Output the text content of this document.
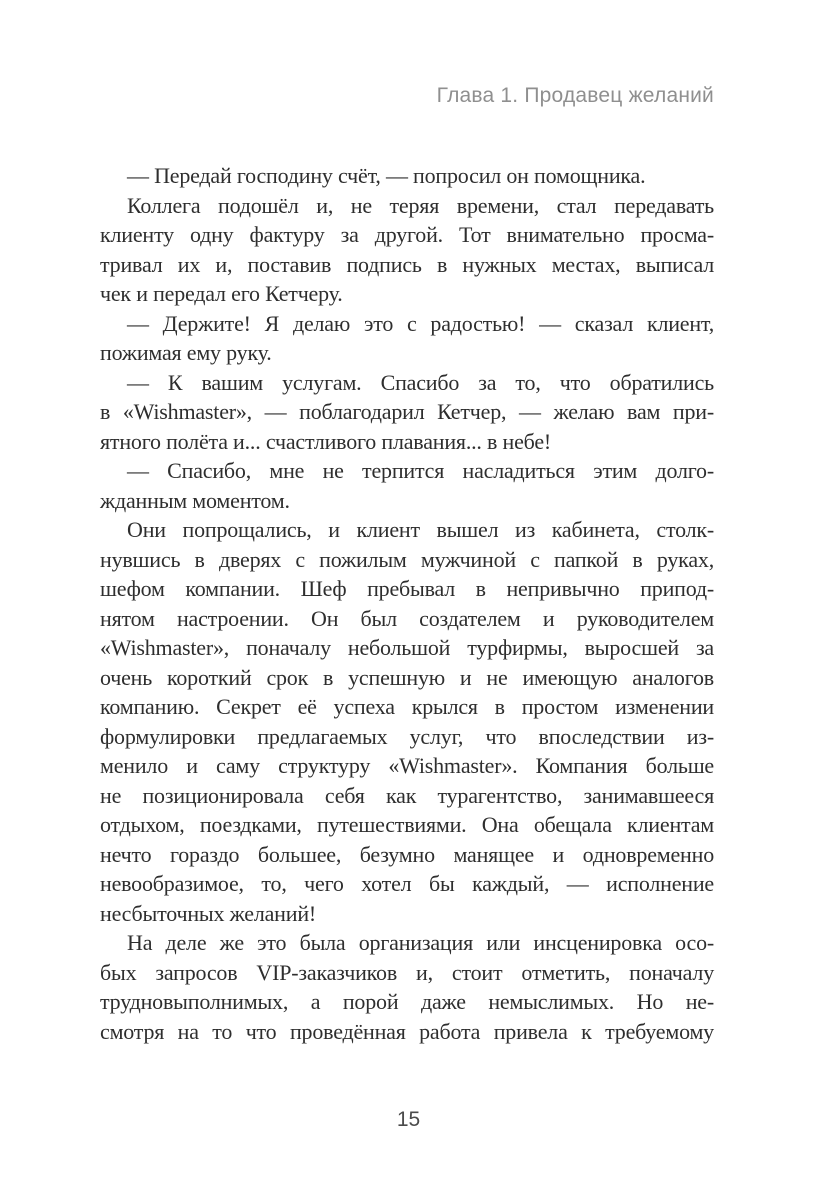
Глава 1. Продавец желаний
— Передай господину счёт, — попросил он помощника.
Коллега подошёл и, не теряя времени, стал передавать
клиенту одну фактуру за другой. Тот внимательно просма-
тривал их и, поставив подпись в нужных местах, выписал
чек и передал его Кетчеру.
— Держите! Я делаю это с радостью! — сказал клиент,
пожимая ему руку.
— К вашим услугам. Спасибо за то, что обратились
в «Wishmaster», — поблагодарил Кетчер, — желаю вам при-
ятного полёта и... счастливого плавания... в небе!
— Спасибо, мне не терпится насладиться этим долго-
жданным моментом.
Они попрощались, и клиент вышел из кабинета, столк-
нувшись в дверях с пожилым мужчиной с папкой в руках,
шефом компании. Шеф пребывал в непривычно припод-
нятом настроении. Он был создателем и руководителем
«Wishmaster», поначалу небольшой турфирмы, выросшей за
очень короткий срок в успешную и не имеющую аналогов
компанию. Секрет её успеха крылся в простом изменении
формулировки предлагаемых услуг, что впоследствии из-
менило и саму структуру «Wishmaster». Компания больше
не позиционировала себя как турагентство, занимавшееся
отдыхом, поездками, путешествиями. Она обещала клиентам
нечто гораздо большее, безумно манящее и одновременно
невообразимое, то, чего хотел бы каждый, — исполнение
несбыточных желаний!
На деле же это была организация или инсценировка осо-
бых запросов VIP-заказчиков и, стоит отметить, поначалу
трудновыполнимых, а порой даже немыслимых. Но не-
смотря на то что проведённая работа привела к требуемому
15
